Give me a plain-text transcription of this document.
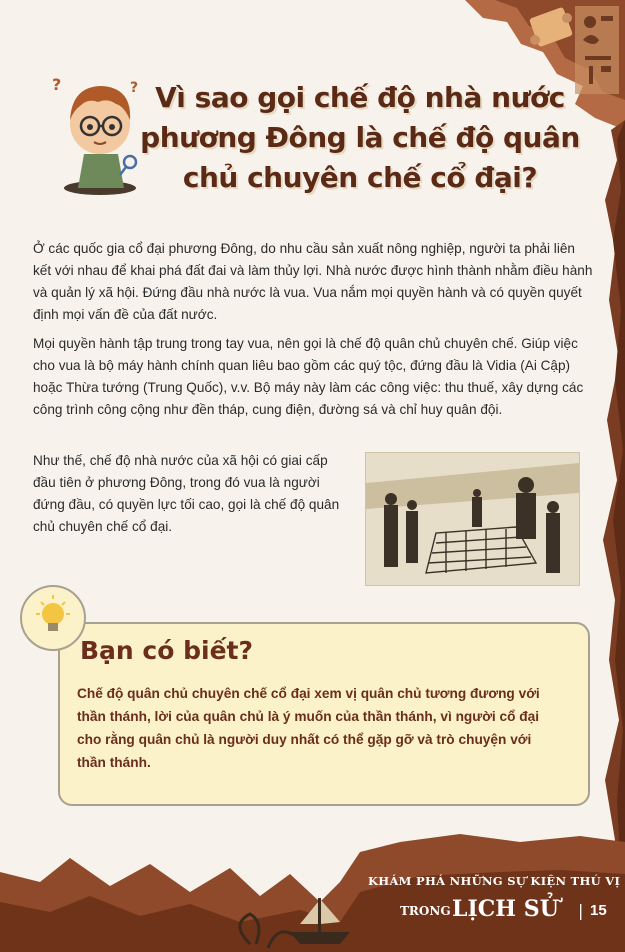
?	? Vì sao gọi chế độ nhà nước phương Đông là chế độ quân chủ chuyên chế cổ đại?
Ở các quốc gia cổ đại phương Đông, do nhu cầu sản xuất nông nghiệp, người ta phải liên kết với nhau để khai phá đất đai và làm thủy lợi. Nhà nước được hình thành nhằm điều hành và quản lý xã hội. Đứng đầu nhà nước là vua. Vua nắm mọi quyền hành và có quyền quyết định mọi vấn đề của đất nước.
Mọi quyền hành tập trung trong tay vua, nên gọi là chế độ quân chủ chuyên chế. Giúp việc cho vua là bộ máy hành chính quan liêu bao gồm các quý tộc, đứng đầu là Vidia (Ai Cập) hoặc Thừa tướng (Trung Quốc), v.v. Bộ máy này làm các công việc: thu thuế, xây dựng các công trình công cộng như đền tháp, cung điện, đường sá và chỉ huy quân đội.
Như thế, chế độ nhà nước của xã hội có giai cấp đầu tiên ở phương Đông, trong đó vua là người đứng đầu, có quyền lực tối cao, gọi là chế độ quân chủ chuyên chế cổ đại.
Bạn có biết?
Chế độ quân chủ chuyên chế cổ đại xem vị quân chủ tương đương với thần thánh, lời của quân chủ là ý muốn của thần thánh, vì người cổ đại cho rằng quân chủ là người duy nhất có thể gặp gỡ và trò chuyện với thần thánh.
KHÁM PHÁ NHỮNG SỰ KIỆN THÚ VỊ
TRONG LỊCH SỬ | 15
